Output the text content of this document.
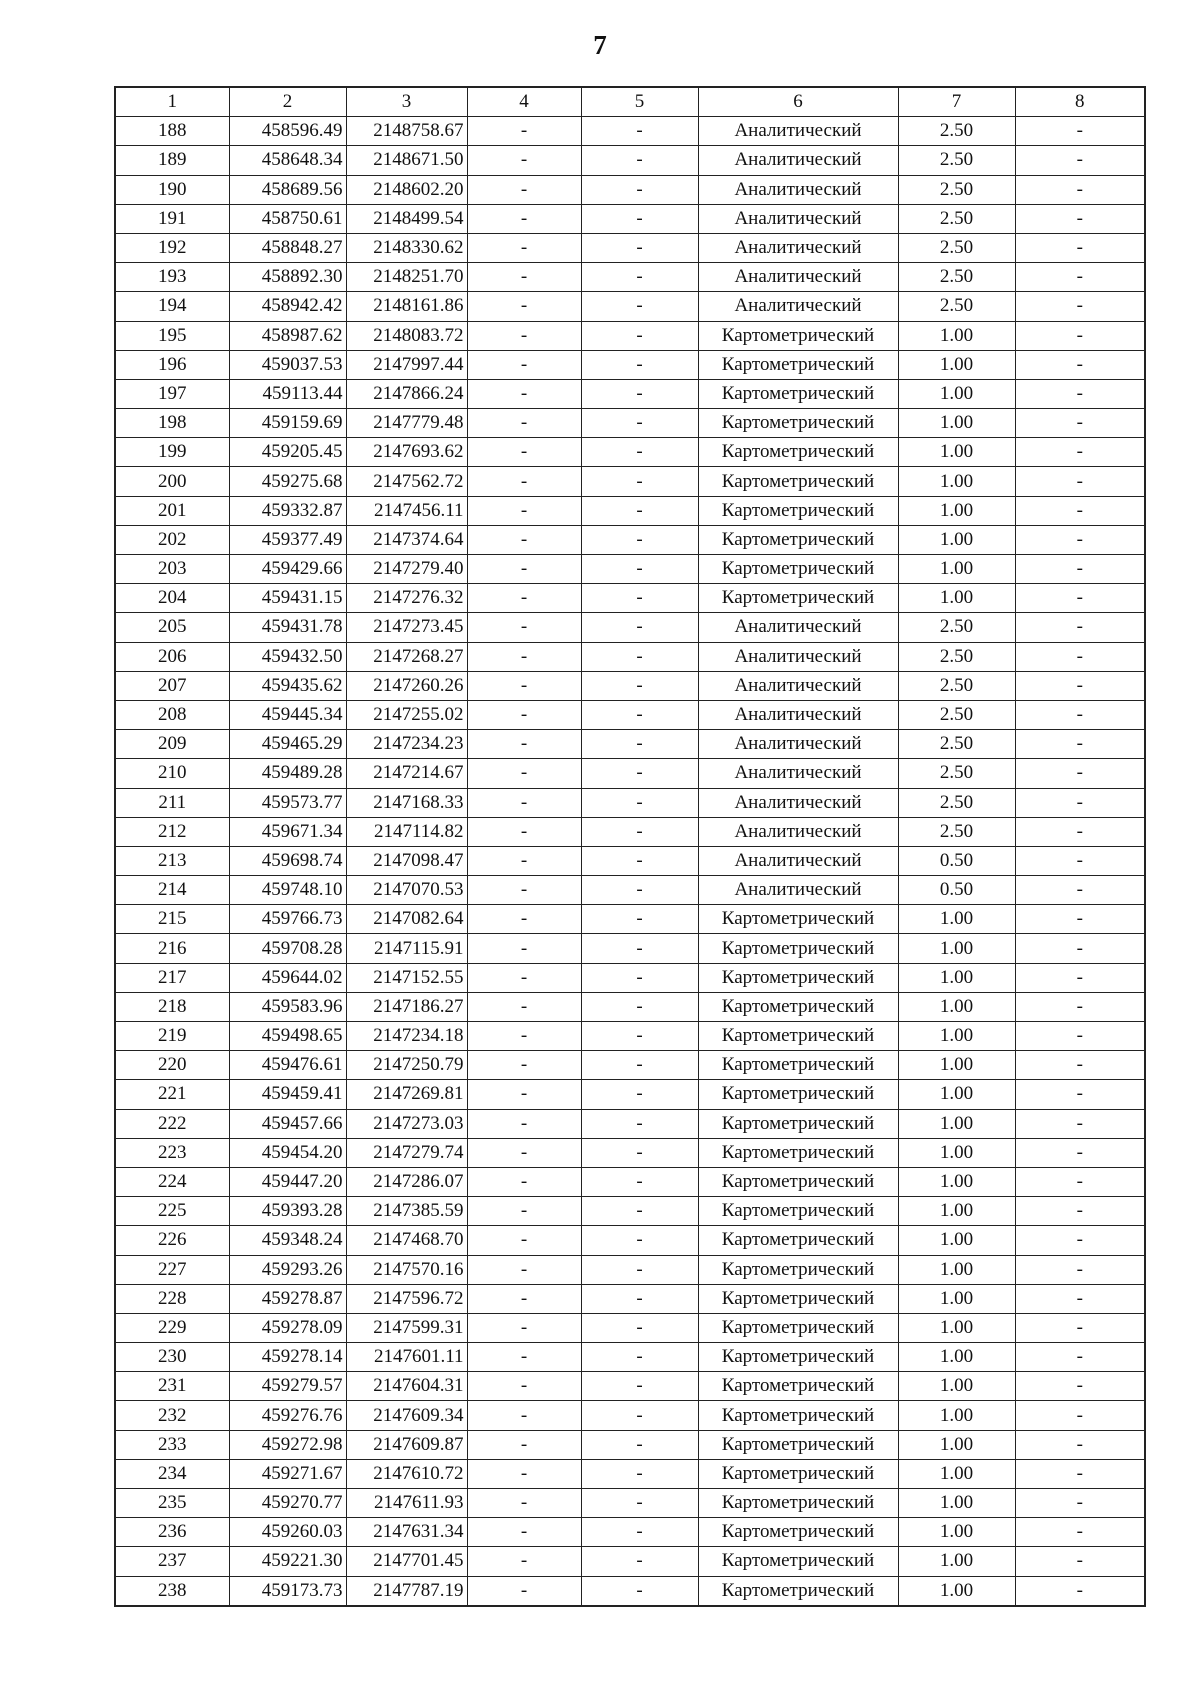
7
1	2	3	4	5	6	7	8
188	458596.49	2148758.67	-	-	Аналитический	2.50	-
189	458648.34	2148671.50	-	-	Аналитический	2.50	-
190	458689.56	2148602.20	-	-	Аналитический	2.50	-
191	458750.61	2148499.54	-	-	Аналитический	2.50	-
192	458848.27	2148330.62	-	-	Аналитический	2.50	-
193	458892.30	2148251.70	-	-	Аналитический	2.50	-
194	458942.42	2148161.86	-	-	Аналитический	2.50	-
195	458987.62	2148083.72	-	-	Картометрический	1.00	-
196	459037.53	2147997.44	-	-	Картометрический	1.00	-
197	459113.44	2147866.24	-	-	Картометрический	1.00	-
198	459159.69	2147779.48	-	-	Картометрический	1.00	-
199	459205.45	2147693.62	-	-	Картометрический	1.00	-
200	459275.68	2147562.72	-	-	Картометрический	1.00	-
201	459332.87	2147456.11	-	-	Картометрический	1.00	-
202	459377.49	2147374.64	-	-	Картометрический	1.00	-
203	459429.66	2147279.40	-	-	Картометрический	1.00	-
204	459431.15	2147276.32	-	-	Картометрический	1.00	-
205	459431.78	2147273.45	-	-	Аналитический	2.50	-
206	459432.50	2147268.27	-	-	Аналитический	2.50	-
207	459435.62	2147260.26	-	-	Аналитический	2.50	-
208	459445.34	2147255.02	-	-	Аналитический	2.50	-
209	459465.29	2147234.23	-	-	Аналитический	2.50	-
210	459489.28	2147214.67	-	-	Аналитический	2.50	-
211	459573.77	2147168.33	-	-	Аналитический	2.50	-
212	459671.34	2147114.82	-	-	Аналитический	2.50	-
213	459698.74	2147098.47	-	-	Аналитический	0.50	-
214	459748.10	2147070.53	-	-	Аналитический	0.50	-
215	459766.73	2147082.64	-	-	Картометрический	1.00	-
216	459708.28	2147115.91	-	-	Картометрический	1.00	-
217	459644.02	2147152.55	-	-	Картометрический	1.00	-
218	459583.96	2147186.27	-	-	Картометрический	1.00	-
219	459498.65	2147234.18	-	-	Картометрический	1.00	-
220	459476.61	2147250.79	-	-	Картометрический	1.00	-
221	459459.41	2147269.81	-	-	Картометрический	1.00	-
222	459457.66	2147273.03	-	-	Картометрический	1.00	-
223	459454.20	2147279.74	-	-	Картометрический	1.00	-
224	459447.20	2147286.07	-	-	Картометрический	1.00	-
225	459393.28	2147385.59	-	-	Картометрический	1.00	-
226	459348.24	2147468.70	-	-	Картометрический	1.00	-
227	459293.26	2147570.16	-	-	Картометрический	1.00	-
228	459278.87	2147596.72	-	-	Картометрический	1.00	-
229	459278.09	2147599.31	-	-	Картометрический	1.00	-
230	459278.14	2147601.11	-	-	Картометрический	1.00	-
231	459279.57	2147604.31	-	-	Картометрический	1.00	-
232	459276.76	2147609.34	-	-	Картометрический	1.00	-
233	459272.98	2147609.87	-	-	Картометрический	1.00	-
234	459271.67	2147610.72	-	-	Картометрический	1.00	-
235	459270.77	2147611.93	-	-	Картометрический	1.00	-
236	459260.03	2147631.34	-	-	Картометрический	1.00	-
237	459221.30	2147701.45	-	-	Картометрический	1.00	-
238	459173.73	2147787.19	-	-	Картометрический	1.00	-
